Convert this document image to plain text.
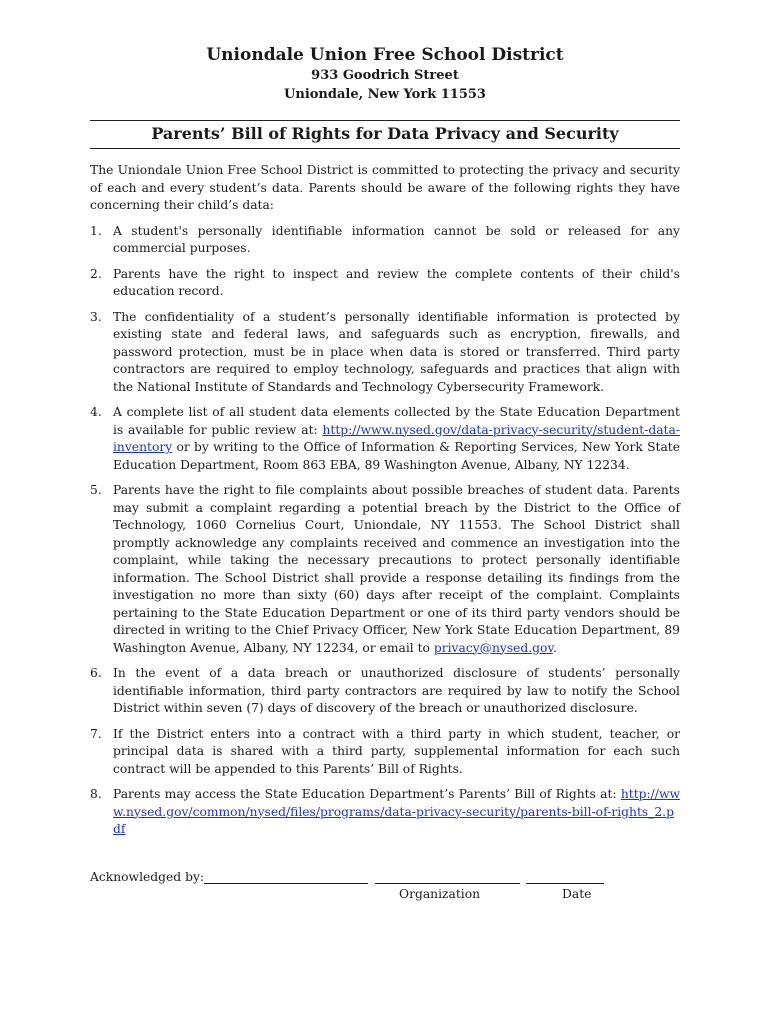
Uniondale Union Free School District

933 Goodrich Street

Uniondale, New York 11553

Parents’ Bill of Rights for Data Privacy and Security

The Uniondale Union Free School District is committed to protecting the privacy and security of each and every student’s data. Parents should be aware of the following rights they have concerning their child’s data:

1. A student's personally identifiable information cannot be sold or released for any commercial purposes.
2. Parents have the right to inspect and review the complete contents of their child's education record.
3. The confidentiality of a student’s personally identifiable information is protected by existing state and federal laws, and safeguards such as encryption, firewalls, and password protection, must be in place when data is stored or transferred. Third party contractors are required to employ technology, safeguards and practices that align with the National Institute of Standards and Technology Cybersecurity Framework.
4. A complete list of all student data elements collected by the State Education Department is available for public review at: http://www.nysed.gov/data-privacy-security/student-data-inventory or by writing to the Office of Information & Reporting Services, New York State Education Department, Room 863 EBA, 89 Washington Avenue, Albany, NY 12234.
5. Parents have the right to file complaints about possible breaches of student data. Parents may submit a complaint regarding a potential breach by the District to the Office of Technology, 1060 Cornelius Court, Uniondale, NY 11553. The School District shall promptly acknowledge any complaints received and commence an investigation into the complaint, while taking the necessary precautions to protect personally identifiable information. The School District shall provide a response detailing its findings from the investigation no more than sixty (60) days after receipt of the complaint. Complaints pertaining to the State Education Department or one of its third party vendors should be directed in writing to the Chief Privacy Officer, New York State Education Department, 89 Washington Avenue, Albany, NY 12234, or email to privacy@nysed.gov.
6. In the event of a data breach or unauthorized disclosure of students’ personally identifiable information, third party contractors are required by law to notify the School District within seven (7) days of discovery of the breach or unauthorized disclosure.
7. If the District enters into a contract with a third party in which student, teacher, or principal data is shared with a third party, supplemental information for each such contract will be appended to this Parents’ Bill of Rights.
8. Parents may access the State Education Department’s Parents’ Bill of Rights at: http://www.nysed.gov/common/nysed/files/programs/data-privacy-security/parents-bill-of-rights_2.pdf
Acknowledged by:
Organization	Date
